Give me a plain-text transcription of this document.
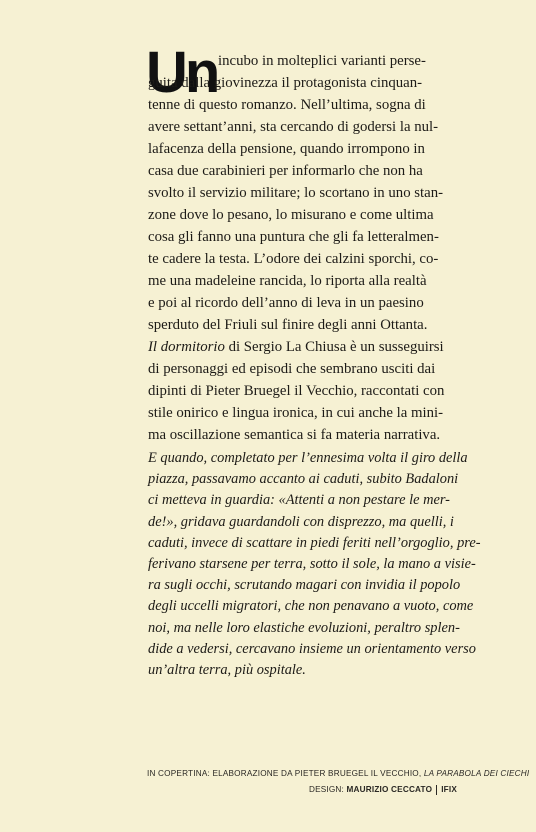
Un incubo in molteplici varianti perse-
guita dalla giovinezza il protagonista cinquan-
tenne di questo romanzo. Nell’ultima, sogna di
avere settant’anni, sta cercando di godersi la nul-
lafacenza della pensione, quando irrompono in
casa due carabinieri per informarlo che non ha
svolto il servizio militare; lo scortano in uno stan-
zone dove lo pesano, lo misurano e come ultima
cosa gli fanno una puntura che gli fa letteralmen-
te cadere la testa. L’odore dei calzini sporchi, co-
me una madeleine rancida, lo riporta alla realtà
e poi al ricordo dell’anno di leva in un paesino
sperduto del Friuli sul finire degli anni Ottanta.
Il dormitorio di Sergio La Chiusa è un susseguirsi
di personaggi ed episodi che sembrano usciti dai
dipinti di Pieter Bruegel il Vecchio, raccontati con
stile onirico e lingua ironica, in cui anche la mini-
ma oscillazione semantica si fa materia narrativa.
E quando, completato per l’ennesima volta il giro della
piazza, passavamo accanto ai caduti, subito Badaloni
ci metteva in guardia: «Attenti a non pestare le mer-
de!», gridava guardandoli con disprezzo, ma quelli, i
caduti, invece di scattare in piedi feriti nell’orgoglio, pre-
ferivano starsene per terra, sotto il sole, la mano a visie-
ra sugli occhi, scrutando magari con invidia il popolo
degli uccelli migratori, che non penavano a vuoto, come
noi, ma nelle loro elastiche evoluzioni, peraltro splen-
dide a vedersi, cercavano insieme un orientamento verso
un’altra terra, più ospitale.
IN COPERTINA: ELABORAZIONE DA PIETER BRUEGEL IL VECCHIO, LA PARABOLA DEI CIECHI
DESIGN: MAURIZIO CECCATO IFIX
